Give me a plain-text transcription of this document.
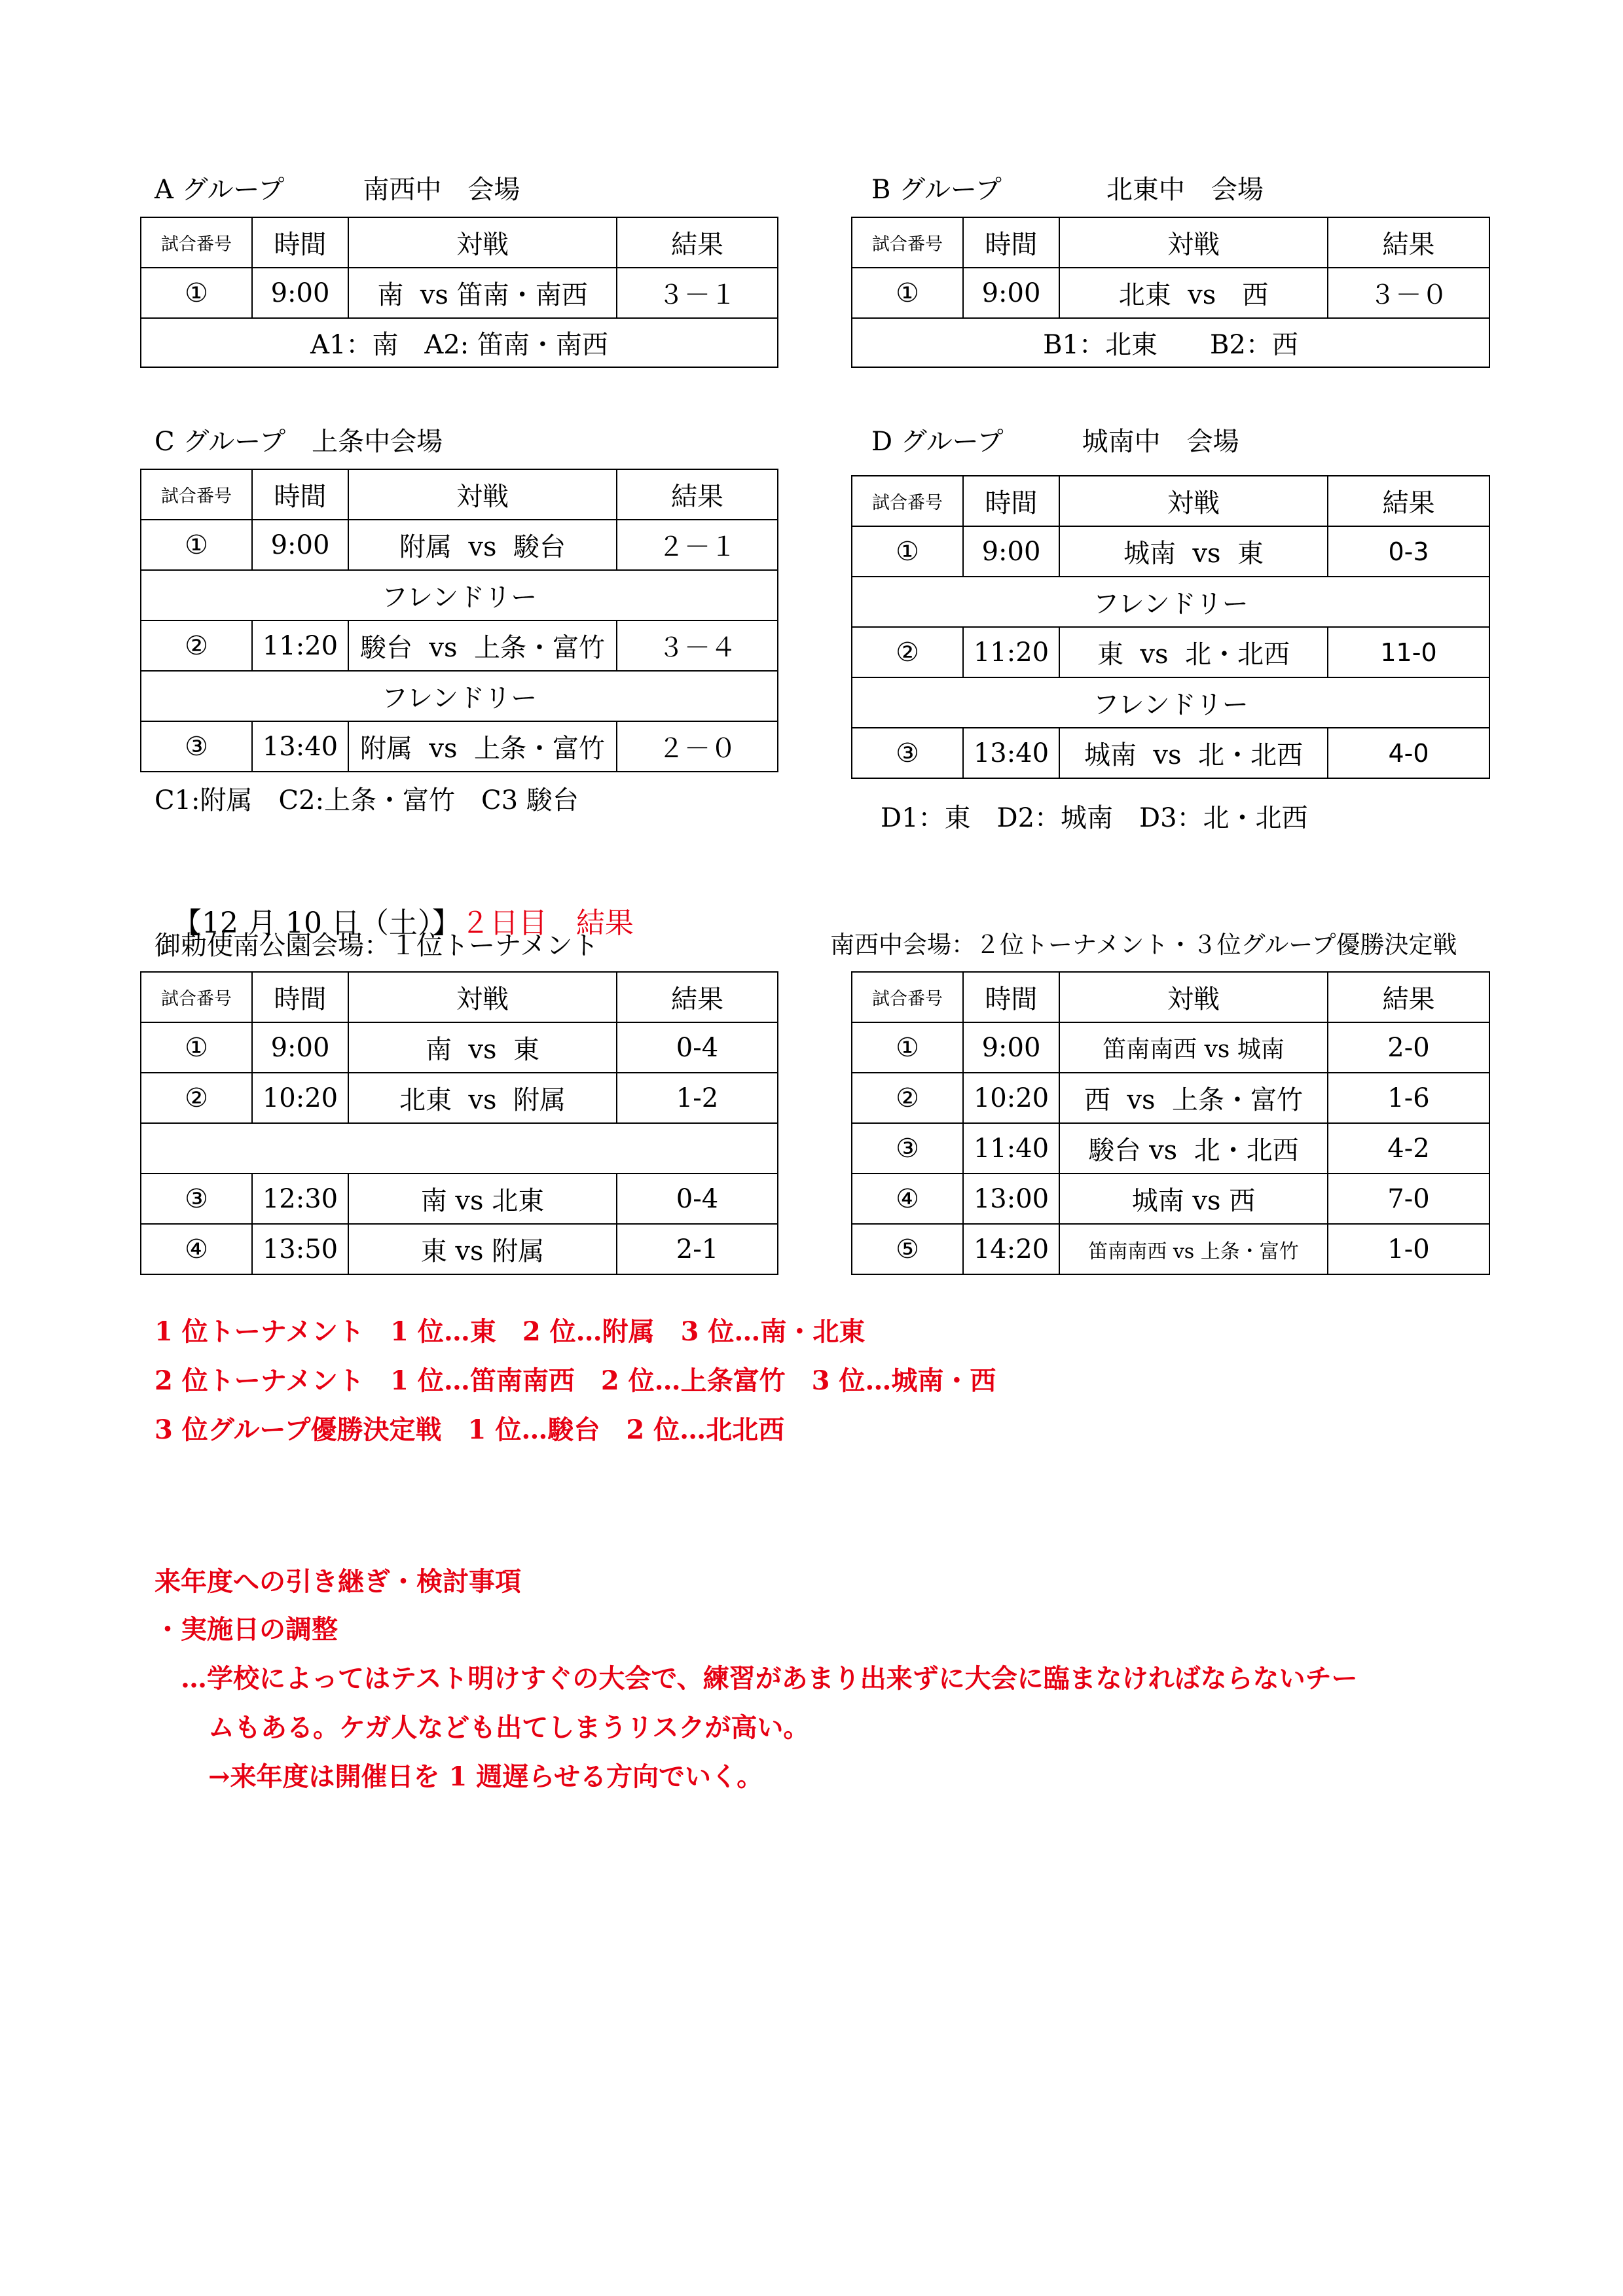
A グループ　　　南西中　会場
試合番号	時間	対戦	結果
①	9:00	南  vs 笛南・南西	３－１
A1：南　A2: 笛南・南西			
B グループ　　　　北東中　会場
試合番号	時間	対戦	結果
①	9:00	北東  vs　西	３－０
B1：北東　　B2：西			
C グループ　上条中会場
試合番号	時間	対戦	結果
①	9:00	附属  vs  駿台	２－１
フレンドリー			
②	11:20	駿台  vs  上条・富竹	３－４
フレンドリー			
③	13:40	附属  vs  上条・富竹	２－０
C1:附属　C2:上条・富竹　C3 駿台
D グループ　　　城南中　会場
試合番号	時間	対戦	結果
①	9:00	城南  vs  東	0-3
フレンドリー			
②	11:20	東  vs  北・北西	11-0
フレンドリー			
③	13:40	城南  vs  北・北西	4-0
D1：東　D2：城南　D3：北・北西

【12 月 10 日（土）】２日目　結果

御勅使南公園会場：１位トーナメント
試合番号	時間	対戦	結果
①	9:00	南  vs  東	0-4
②	10:20	北東  vs  附属	1-2

③	12:30	南 vs 北東	0-4
④	13:50	東 vs 附属	2-1
南西中会場：２位トーナメント・３位グループ優勝決定戦
試合番号	時間	対戦	結果
①	9:00	笛南南西 vs 城南	2-0
②	10:20	西  vs  上条・富竹	1-6
③	11:40	駿台 vs  北・北西	4-2
④	13:00	城南 vs 西	7-0
⑤	14:20	笛南南西 vs 上条・富竹	1-0
1 位トーナメント　1 位…東　2 位…附属　3 位…南・北東
2 位トーナメント　1 位…笛南南西　2 位…上条富竹　3 位…城南・西
3 位グループ優勝決定戦　1 位…駿台　2 位…北北西
来年度への引き継ぎ・検討事項
・実施日の調整
…学校によってはテスト明けすぐの大会で、練習があまり出来ずに大会に臨まなければならないチー
ムもある。ケガ人なども出てしまうリスクが高い。
→来年度は開催日を 1 週遅らせる方向でいく。
